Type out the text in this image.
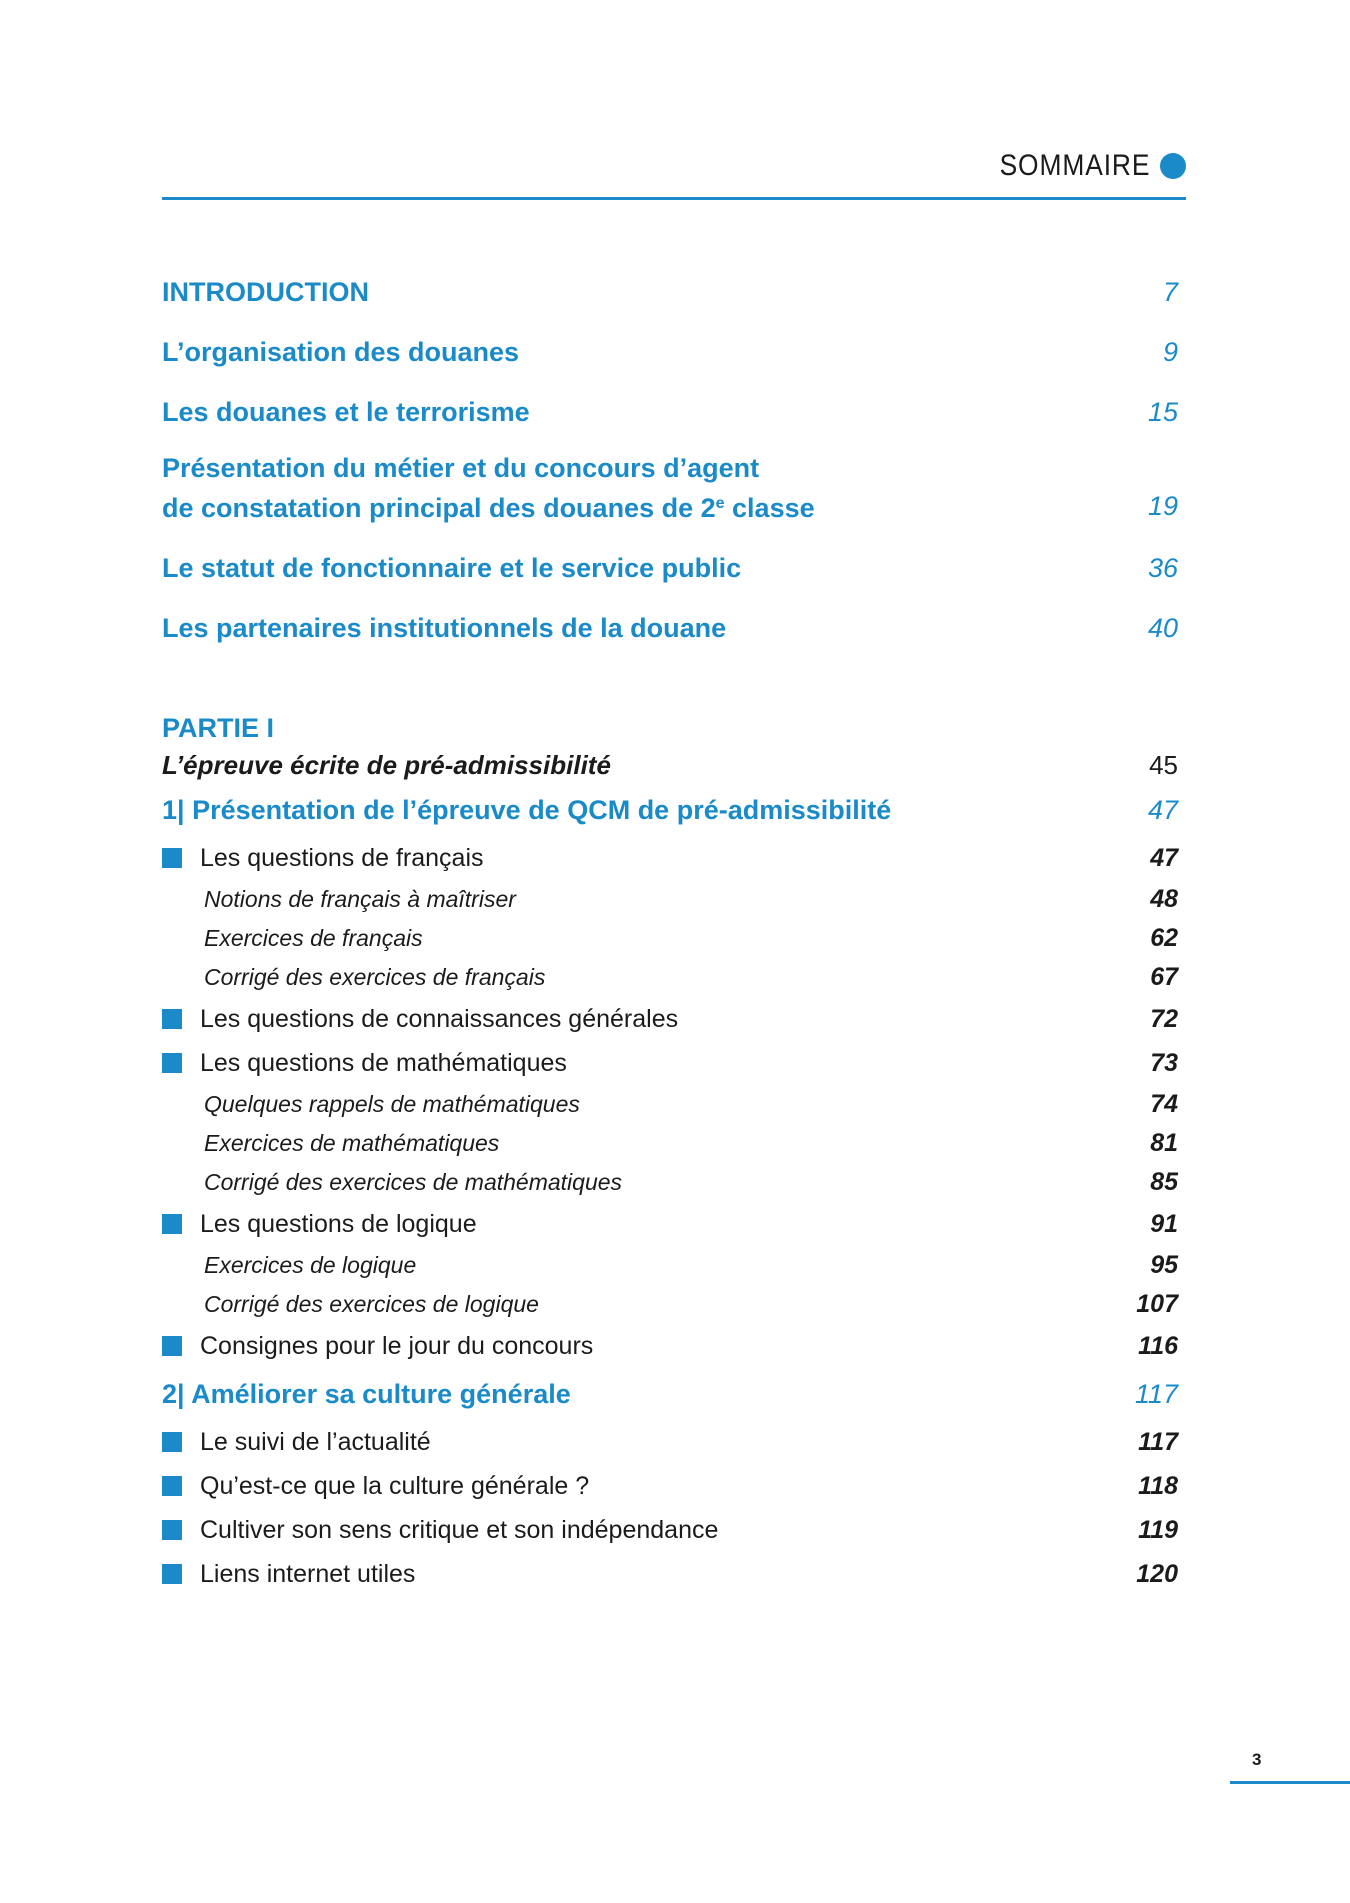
SOMMAIRE
INTRODUCTION	7
L’organisation des douanes	9
Les douanes et le terrorisme	15
Présentation du métier et du concours d’agent
de constatation principal des douanes de 2e classe	19
Le statut de fonctionnaire et le service public	36
Les partenaires institutionnels de la douane	40
PARTIE I
L’épreuve écrite de pré-admissibilité	45
1| Présentation de l’épreuve de QCM de pré-admissibilité	47
Les questions de français	47
Notions de français à maîtriser	48
Exercices de français	62
Corrigé des exercices de français	67
Les questions de connaissances générales	72
Les questions de mathématiques	73
Quelques rappels de mathématiques	74
Exercices de mathématiques	81
Corrigé des exercices de mathématiques	85
Les questions de logique	91
Exercices de logique	95
Corrigé des exercices de logique	107
Consignes pour le jour du concours	116
2| Améliorer sa culture générale	117
Le suivi de l’actualité	117
Qu’est-ce que la culture générale ?	118
Cultiver son sens critique et son indépendance	119
Liens internet utiles	120
3
